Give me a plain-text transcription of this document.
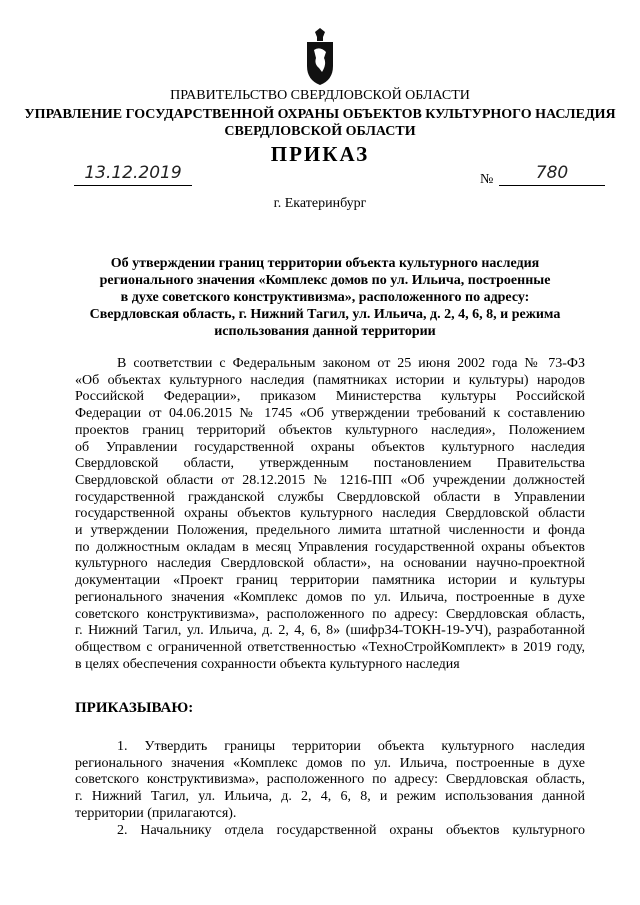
ПРАВИТЕЛЬСТВО СВЕРДЛОВСКОЙ ОБЛАСТИ
УПРАВЛЕНИЕ ГОСУДАРСТВЕННОЙ ОХРАНЫ ОБЪЕКТОВ КУЛЬТУРНОГО НАСЛЕДИЯ
СВЕРДЛОВСКОЙ ОБЛАСТИ
ПРИКАЗ
13.12.2019	№	780
г. Екатеринбург
Об утверждении границ территории объекта культурного наследия
регионального значения «Комплекс домов по ул. Ильича, построенные
в духе советского конструктивизма», расположенного по адресу:
Свердловская область, г. Нижний Тагил, ул. Ильича, д. 2, 4, 6, 8, и режима
использования данной территории
В соответствии с Федеральным законом от 25 июня 2002 года № 73-ФЗ
«Об объектах культурного наследия (памятниках истории и культуры) народов
Российской Федерации», приказом Министерства культуры Российской
Федерации от 04.06.2015 № 1745 «Об утверждении требований к составлению
проектов границ территорий объектов культурного наследия», Положением
об Управлении государственной охраны объектов культурного наследия
Свердловской области, утвержденным постановлением Правительства
Свердловской области от 28.12.2015 № 1216-ПП «Об учреждении должностей
государственной гражданской службы Свердловской области в Управлении
государственной охраны объектов культурного наследия Свердловской области
и утверждении Положения, предельного лимита штатной численности и фонда
по должностным окладам в месяц Управления государственной охраны объектов
культурного наследия Свердловской области», на основании научно-проектной
документации «Проект границ территории памятника истории и культуры
регионального значения «Комплекс домов по ул. Ильича, построенные в духе
советского конструктивизма», расположенного по адресу: Свердловская область,
г. Нижний Тагил, ул. Ильича, д. 2, 4, 6, 8» (шифр34-ТОКН-19-УЧ), разработанной
обществом с ограниченной ответственностью «ТехноСтройКомплект» в 2019 году,
в целях обеспечения сохранности объекта культурного наследия
ПРИКАЗЫВАЮ:
1. Утвердить границы территории объекта культурного наследия
регионального значения «Комплекс домов по ул. Ильича, построенные в духе
советского конструктивизма», расположенного по адресу: Свердловская область,
г. Нижний Тагил, ул. Ильича, д. 2, 4, 6, 8, и режим использования данной
территории (прилагаются).
2. Начальнику отдела государственной охраны объектов культурного
